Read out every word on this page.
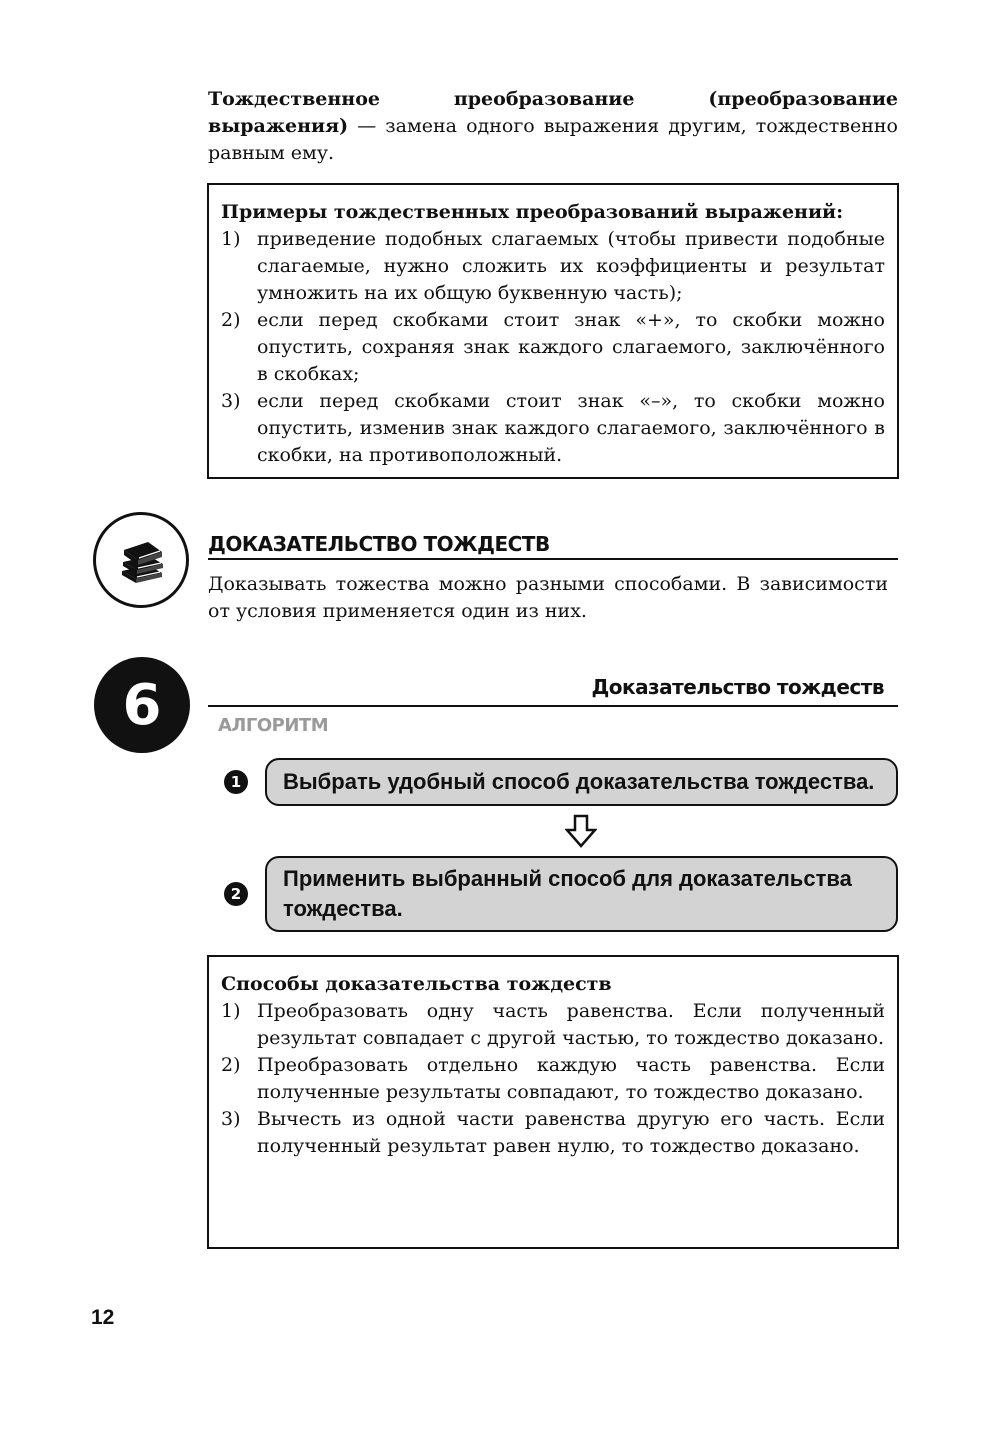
Тождественное преобразование (преобразование выражения) — замена одного выражения другим, тождественно равным ему.
Примеры тождественных преобразований выражений:
1) приведение подобных слагаемых (чтобы привести подобные слагаемые, нужно сложить их коэффициенты и результат умножить на их общую буквенную часть);
2) если перед скобками стоит знак «+», то скобки можно опустить, сохраняя знак каждого слагаемого, заключённого в скобках;
3) если перед скобками стоит знак «–», то скобки можно опустить, изменив знак каждого слагаемого, заключённого в скобки, на противоположный.
ДОКАЗАТЕЛЬСТВО ТОЖДЕСТВ
Доказывать тожества можно разными способами. В зависимости от условия применяется один из них.
6	Доказательство тождеств
АЛГОРИТМ
1	Выбрать удобный способ доказательства тождества.
2
Применить выбранный способ для доказательства тождества.
Способы доказательства тождеств
1) Преобразовать одну часть равенства. Если полученный результат совпадает с другой частью, то тождество доказано.
2) Преобразовать отдельно каждую часть равенства. Если полученные результаты совпадают, то тождество доказано.
3) Вычесть из одной части равенства другую его часть. Если полученный результат равен нулю, то тождество доказано.
12
